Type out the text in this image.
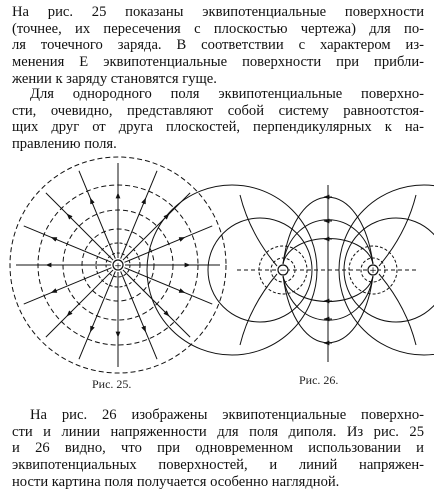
На рис. 25 показаны эквипотенциальные поверхности
(точнее, их пересечения с плоскостью чертежа) для по-
ля точечного заряда. В соответствии с характером из-
менения E эквипотенциальные поверхности при прибли-
жении к заряду становятся гуще.
Для однородного поля эквипотенциальные поверхно-
сти, очевидно, представляют собой систему равноотстоя-
щих друг от друга плоскостей, перпендикулярных к на-
правлению поля.
+	−	+
Рис. 25.	Рис. 26.
На рис. 26 изображены эквипотенциальные поверхно-
сти и линии напряженности для поля диполя. Из рис. 25
и 26 видно, что при одновременном использовании и
эквипотенциальных поверхностей, и линий напряжен-
ности картина поля получается особенно наглядной.
